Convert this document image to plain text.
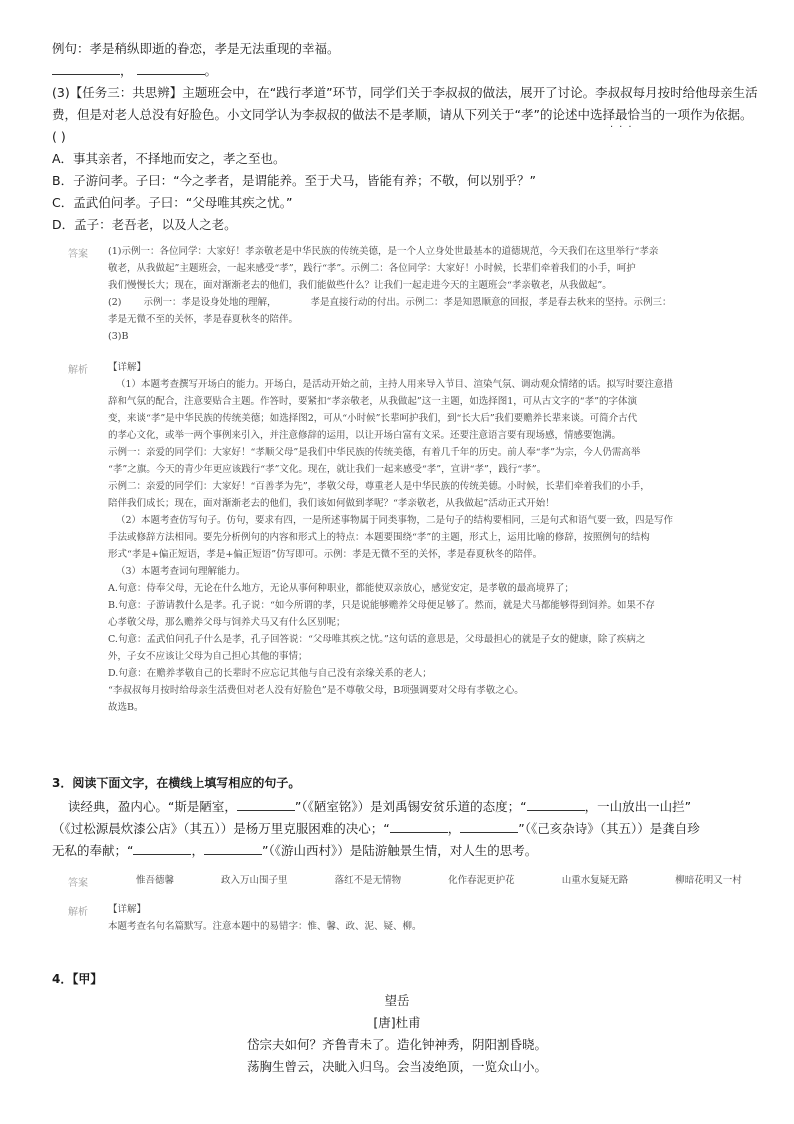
例句：孝是稍纵即逝的眷恋，孝是无法重现的幸福。

，	。

(3)【任务三：共思辨】主题班会中，在“践行孝道”环节，同学们关于李叔叔的做法，展开了讨论。李叔叔每月按时给他母亲生活

费，但是对老人总没有好脸色。小文同学认为李叔叔的做法不是孝顺，请从下列关于“孝”的论述中选择最恰当的一项作为依据。

( )

A．事其亲者，不择地而安之，孝之至也。

B．子游问孝。子曰：“今之孝者，是谓能养。至于犬马，皆能有养；不敬，何以别乎？”

C．孟武伯问孝。子曰：“父母唯其疾之忧。”

D．孟子：老吾老，以及人之老。

···
答案 (1)示例一：各位同学：大家好！孝亲敬老是中华民族的传统美德，是一个人立身处世最基本的道德规范，今天我们在这里举行“孝亲

敬老，从我做起”主题班会，一起来感受“孝”，践行“孝”。示例二：各位同学：大家好！小时候，长辈们牵着我们的小手，呵护

我们慢慢长大；现在，面对渐渐老去的他们，我们能做些什么？让我们一起走进今天的主题班会“孝亲敬老，从我做起”。

(2) 示例一：孝是设身处地的理解，	孝是直接行动的付出。示例二：孝是知恩顺意的回报，孝是春去秋来的坚持。示例三：

孝是无微不至的关怀，孝是春夏秋冬的陪伴。

(3)B

解析 【详解】

（1）本题考查撰写开场白的能力。开场白，是活动开始之前，主持人用来导入节目、渲染气氛、调动观众情绪的话。拟写时要注意措

辞和气氛的配合，注意要贴合主题。作答时，要紧扣“孝亲敬老，从我做起”这一主题，如选择图1，可从古文字的“孝”的字体演

变，来谈“孝”是中华民族的传统美德；如选择图2，可从“小时候”长辈呵护我们，到“长大后”我们要赡养长辈来谈。可简介古代

的孝心文化，或举一两个事例来引入，并注意修辞的运用，以让开场白富有文采。还要注意语言要有现场感，情感要饱满。

示例一：亲爱的同学们：大家好！“孝顺父母”是我们中华民族的传统美德，有着几千年的历史。前人奉“孝”为宗，今人仍需高举

“孝”之旗。今天的青少年更应该践行“孝”文化。现在，就让我们一起来感受“孝”，宣讲“孝”，践行“孝”。

示例二：亲爱的同学们：大家好！“百善孝为先”，孝敬父母，尊重老人是中华民族的传统美德。小时候，长辈们牵着我们的小手，

陪伴我们成长；现在，面对渐渐老去的他们，我们该如何做到孝呢？“孝亲敬老，从我做起”活动正式开始！

（2）本题考查仿写句子。仿句，要求有四，一是所述事物属于同类事物，二是句子的结构要相同，三是句式和语气要一致，四是写作

手法或修辞方法相同。要先分析例句的内容和形式上的特点：本题要围绕“孝”的主题，形式上，运用比喻的修辞，按照例句的结构

形式“孝是+偏正短语，孝是+偏正短语”仿写即可。示例：孝是无微不至的关怀，孝是春夏秋冬的陪伴。

（3）本题考查词句理解能力。

A.句意：侍奉父母，无论在什么地方，无论从事何种职业，都能使双亲放心，感觉安定，是孝敬的最高境界了；

B.句意：子游请教什么是孝。孔子说：“如今所谓的孝，只是说能够赡养父母便足够了。然而，就是犬马都能够得到饲养。如果不存

心孝敬父母，那么赡养父母与饲养犬马又有什么区别呢；

C.句意：孟武伯问孔子什么是孝，孔子回答说：“父母唯其疾之忧。”这句话的意思是，父母最担心的就是子女的健康，除了疾病之

外，子女不应该让父母为自己担心其他的事情；

D.句意：在赡养孝敬自己的长辈时不应忘记其他与自己没有亲缘关系的老人；

“李叔叔每月按时给母亲生活费但对老人没有好脸色”是不尊敬父母，B项强调要对父母有孝敬之心。

故选B。

3．阅读下面文字，在横线上填写相应的句子。

读经典，盈内心。“斯是陋室，	”（《陋室铭》）是刘禹锡安贫乐道的态度；“	，一山放出一山拦”

（《过松源晨炊漆公店》（其五））是杨万里克服困难的决心；“	，	”（《己亥杂诗》（其五））是龚自珍

无私的奉献；“	，	”（《游山西村》）是陆游触景生情，对人生的思考。

答案	惟吾德馨	政入万山围子里	落红不是无情物	化作春泥更护花	山重水复疑无路	柳暗花明又一村
解析 【详解】

本题考查名句名篇默写。注意本题中的易错字：惟、馨、政、泥、疑、柳。

4．【甲】

望岳

[唐]杜甫

岱宗夫如何？齐鲁青未了。造化钟神秀，阴阳割昏晓。

荡胸生曾云，决眦入归鸟。会当凌绝顶，一览众山小。
